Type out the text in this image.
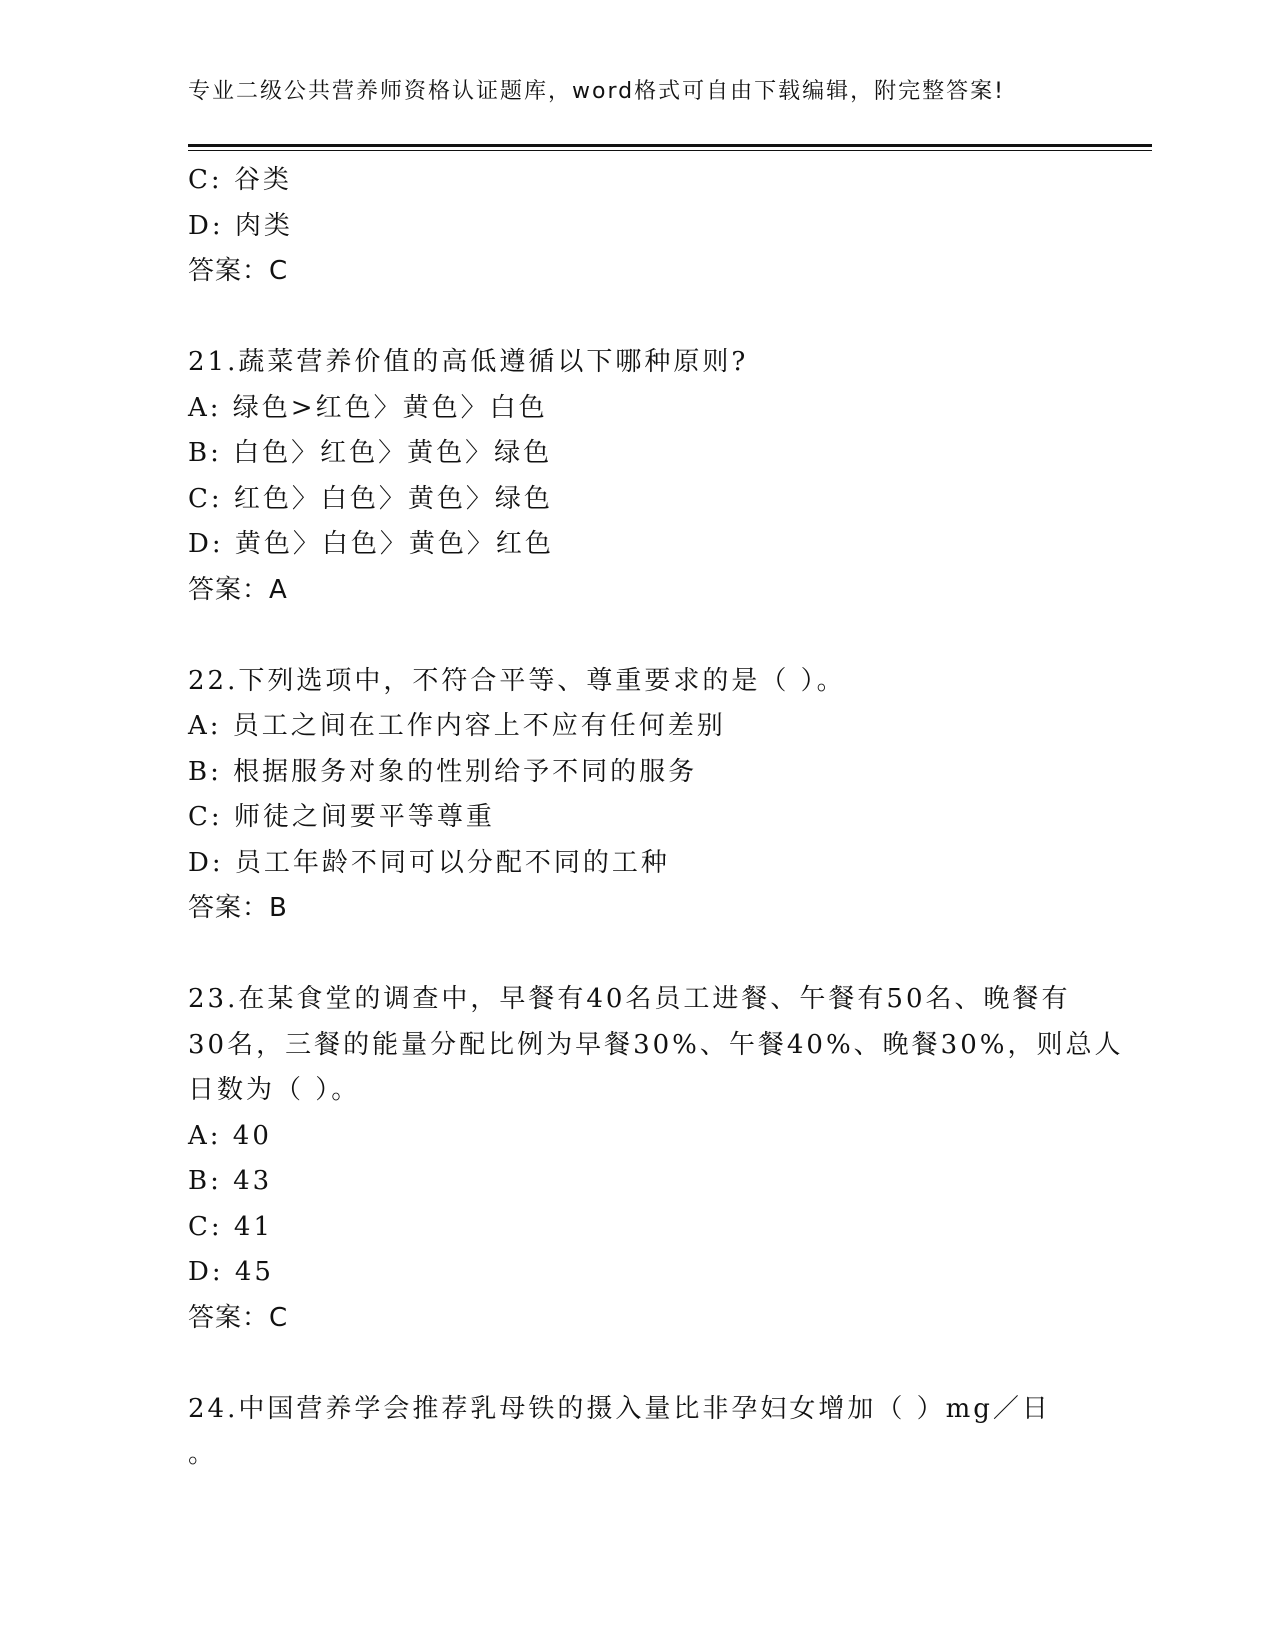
专业二级公共营养师资格认证题库，word格式可自由下载编辑，附完整答案!
C: 谷类
D: 肉类
答案：C
21.蔬菜营养价值的高低遵循以下哪种原则?
A: 绿色>红色〉黄色〉白色
B: 白色〉红色〉黄色〉绿色
C: 红色〉白色〉黄色〉绿色
D: 黄色〉白色〉黄色〉红色
答案：A
22.下列选项中，不符合平等、尊重要求的是（ ）。
A: 员工之间在工作内容上不应有任何差别
B: 根据服务对象的性别给予不同的服务
C: 师徒之间要平等尊重
D: 员工年龄不同可以分配不同的工种
答案：B
23.在某食堂的调查中，早餐有40名员工进餐、午餐有50名、晚餐有
30名，三餐的能量分配比例为早餐30%、午餐40%、晚餐30%，则总人
日数为（ ）。
A: 40
B: 43
C: 41
D: 45
答案：C
24.中国营养学会推荐乳母铁的摄入量比非孕妇女增加（ ）mg／日
。
